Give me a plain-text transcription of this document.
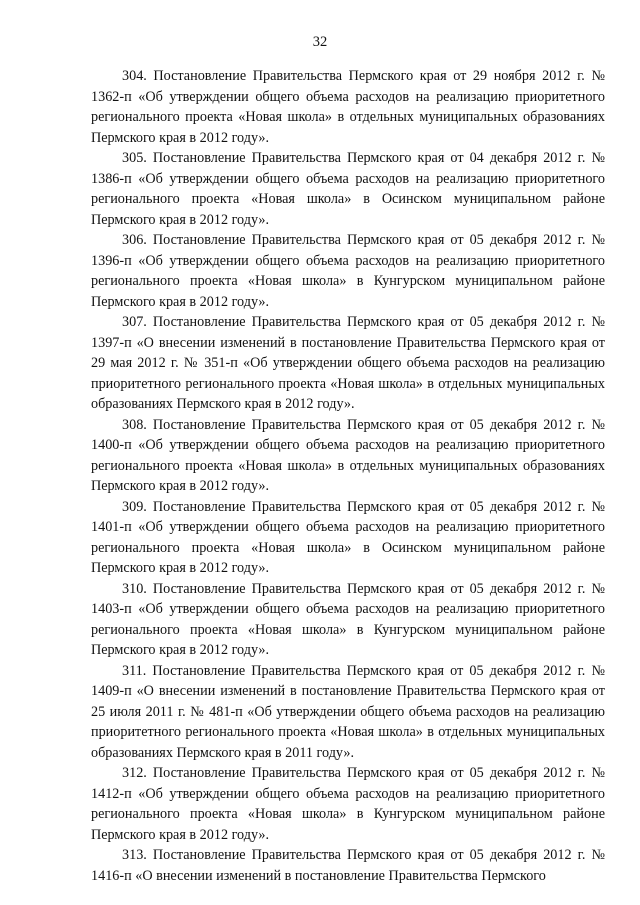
32

304. Постановление Правительства Пермского края от 29 ноября 2012 г. № 1362-п «Об утверждении общего объема расходов на реализацию приоритетного регионального проекта «Новая школа» в отдельных муниципальных образованиях Пермского края в 2012 году».

305. Постановление Правительства Пермского края от 04 декабря 2012 г. № 1386-п «Об утверждении общего объема расходов на реализацию приоритетного регионального проекта «Новая школа» в Осинском муниципальном районе Пермского края в 2012 году».

306. Постановление Правительства Пермского края от 05 декабря 2012 г. № 1396-п «Об утверждении общего объема расходов на реализацию приоритетного регионального проекта «Новая школа» в Кунгурском муниципальном районе Пермского края в 2012 году».

307. Постановление Правительства Пермского края от 05 декабря 2012 г. № 1397-п «О внесении изменений в постановление Правительства Пермского края от 29 мая 2012 г. № 351-п «Об утверждении общего объема расходов на реализацию приоритетного регионального проекта «Новая школа» в отдельных муниципальных образованиях Пермского края в 2012 году».

308. Постановление Правительства Пермского края от 05 декабря 2012 г. № 1400-п «Об утверждении общего объема расходов на реализацию приоритетного регионального проекта «Новая школа» в отдельных муниципальных образованиях Пермского края в 2012 году».

309. Постановление Правительства Пермского края от 05 декабря 2012 г. № 1401-п «Об утверждении общего объема расходов на реализацию приоритетного регионального проекта «Новая школа» в Осинском муниципальном районе Пермского края в 2012 году».

310. Постановление Правительства Пермского края от 05 декабря 2012 г. № 1403-п «Об утверждении общего объема расходов на реализацию приоритетного регионального проекта «Новая школа» в Кунгурском муниципальном районе Пермского края в 2012 году».

311. Постановление Правительства Пермского края от 05 декабря 2012 г. № 1409-п «О внесении изменений в постановление Правительства Пермского края от 25 июля 2011 г. № 481-п «Об утверждении общего объема расходов на реализацию приоритетного регионального проекта «Новая школа» в отдельных муниципальных образованиях Пермского края в 2011 году».

312. Постановление Правительства Пермского края от 05 декабря 2012 г. № 1412-п «Об утверждении общего объема расходов на реализацию приоритетного регионального проекта «Новая школа» в Кунгурском муниципальном районе Пермского края в 2012 году».

313. Постановление Правительства Пермского края от 05 декабря 2012 г. № 1416-п «О внесении изменений в постановление Правительства Пермского
